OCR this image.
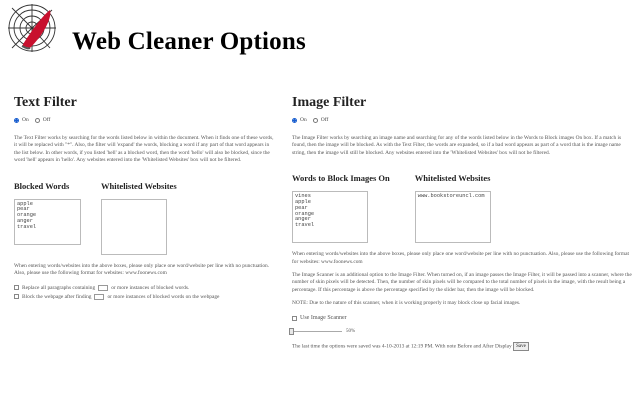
Web Cleaner Options
Text Filter
On	Off
The Text Filter works by searching for the words listed below in within the document. When it finds one of these words, it will be replaced with "*". Also, the filter will 'expand' the words, blocking a word if any part of that word appears in the list below. In other words, if you listed 'hell' as a blocked word, then the word 'hello' will also be blocked, since the word 'hell' appears in 'hello'. Any websites entered into the 'Whitelisted Websites' box will not be filtered.
Blocked Words
apple
pear
orange
anger
travel
Whitelisted Websites
When entering words/websites into the above boxes, please only place one word/website per line with no punctuation. Also, please use the following format for websites: www.foonews.com
Replace all paragraphs containing	or more instances of blocked words.
Block the webpage after finding	or more instances of blocked words on the webpage
Image Filter
On	Off
The Image Filter works by searching an image name and searching for any of the words listed below in the Words to Block images On box. If a match is found, then the image will be blocked. As with the Text Filter, the words are expanded, so if a bad word appears as part of a word that is the image name string, then the image will still be blocked. Any websites entered into the 'Whitelisted Websites' box will not be filtered.
Words to Block Images On
vines
apple
pear
orange
anger
travel
Whitelisted Websites
www.bookstoreuncl.com
When entering words/websites into the above boxes, please only place one word/website per line with no punctuation. Also, please use the following format for websites: www.foonews.com
The Image Scanner is an additional option to the Image Filter. When turned on, if an image passes the Image Filter, it will be passed into a scanner, where the number of skin pixels will be detected. Then, the number of skin pixels will be compared to the total number of pixels in the image, with the result being a percentage. If this percentage is above the percentage specified by the slider bar, then the image will be blocked.
NOTE: Due to the nature of this scanner, when it is working properly it may block close up facial images.
Use Image Scanner
50%
The last time the options were saved was 4-10-2013 at 12:19 PM. With note Before and After Display Save
